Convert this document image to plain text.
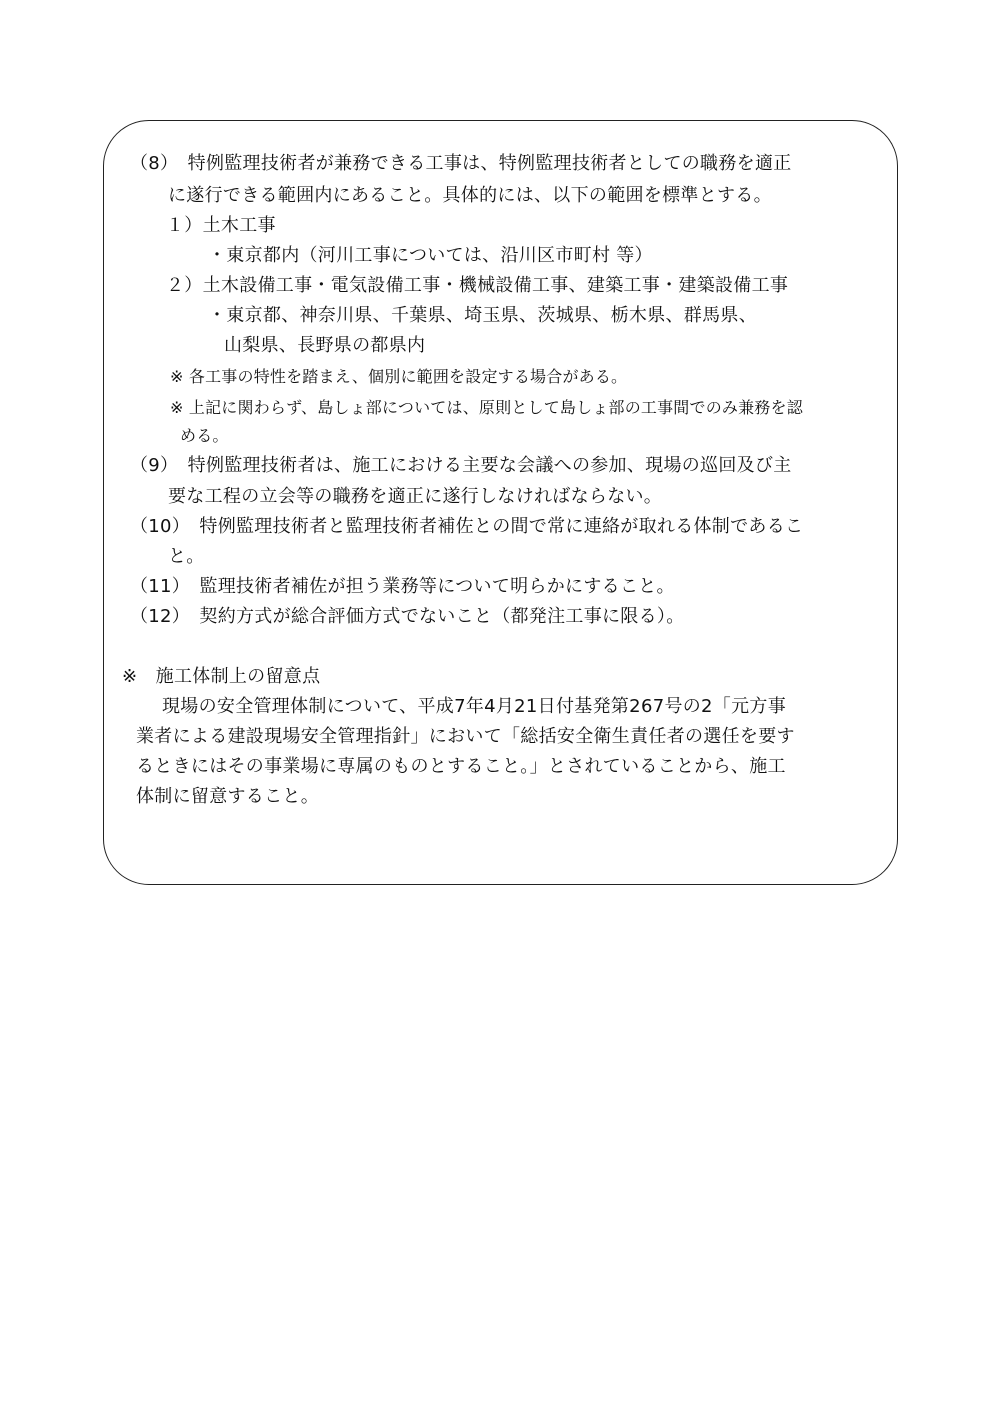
（8）　特例監理技術者が兼務できる工事は、特例監理技術者としての職務を適正
に遂行できる範囲内にあること。具体的には、以下の範囲を標準とする。
１）土木工事
・東京都内（河川工事については、沿川区市町村 等）
２）土木設備工事・電気設備工事・機械設備工事、建築工事・建築設備工事
・東京都、神奈川県、千葉県、埼玉県、茨城県、栃木県、群馬県、
山梨県、長野県の都県内
※ 各工事の特性を踏まえ、個別に範囲を設定する場合がある。
※ 上記に関わらず、島しょ部については、原則として島しょ部の工事間でのみ兼務を認
める。
（9）　特例監理技術者は、施工における主要な会議への参加、現場の巡回及び主
要な工程の立会等の職務を適正に遂行しなければならない。
（10）　特例監理技術者と監理技術者補佐との間で常に連絡が取れる体制であるこ
と。
（11）　監理技術者補佐が担う業務等について明らかにすること。
（12）　契約方式が総合評価方式でないこと（都発注工事に限る）。
※　施工体制上の留意点
現場の安全管理体制について、平成7年4月21日付基発第267号の2「元方事
業者による建設現場安全管理指針」において「総括安全衛生責任者の選任を要す
るときにはその事業場に専属のものとすること。」とされていることから、施工
体制に留意すること。
